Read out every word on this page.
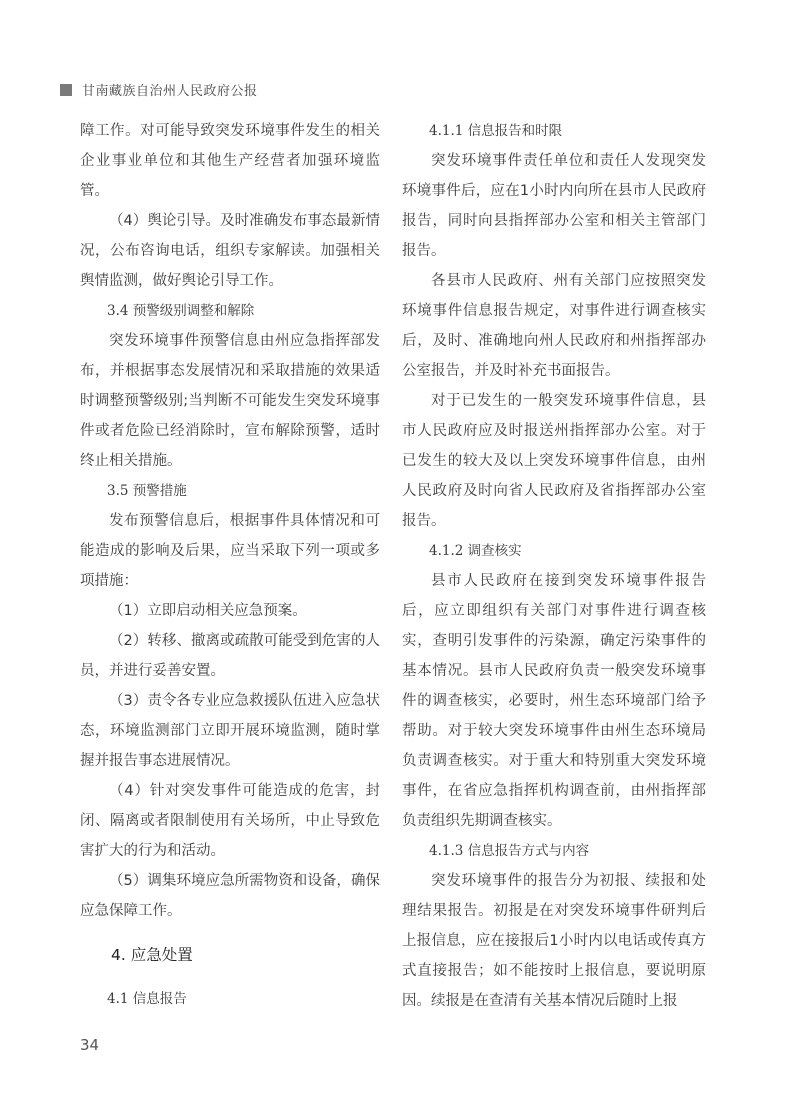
甘南藏族自治州人民政府公报

障工作。对可能导致突发环境事件发生的相关企业事业单位和其他生产经营者加强环境监管。

（4）舆论引导。及时准确发布事态最新情况，公布咨询电话，组织专家解读。加强相关舆情监测，做好舆论引导工作。

3.4 预警级别调整和解除

突发环境事件预警信息由州应急指挥部发布，并根据事态发展情况和采取措施的效果适时调整预警级别;当判断不可能发生突发环境事件或者危险已经消除时，宣布解除预警，适时终止相关措施。

3.5 预警措施

发布预警信息后，根据事件具体情况和可能造成的影响及后果，应当采取下列一项或多项措施：

（1）立即启动相关应急预案。

（2）转移、撤离或疏散可能受到危害的人员，并进行妥善安置。

（3）责令各专业应急救援队伍进入应急状态，环境监测部门立即开展环境监测，随时掌握并报告事态进展情况。

（4）针对突发事件可能造成的危害，封闭、隔离或者限制使用有关场所，中止导致危害扩大的行为和活动。

（5）调集环境应急所需物资和设备，确保应急保障工作。

4. 应急处置

4.1 信息报告

4.1.1 信息报告和时限

突发环境事件责任单位和责任人发现突发环境事件后，应在1小时内向所在县市人民政府报告，同时向县指挥部办公室和相关主管部门报告。

各县市人民政府、州有关部门应按照突发环境事件信息报告规定，对事件进行调查核实后，及时、准确地向州人民政府和州指挥部办公室报告，并及时补充书面报告。

对于已发生的一般突发环境事件信息，县市人民政府应及时报送州指挥部办公室。对于已发生的较大及以上突发环境事件信息，由州人民政府及时向省人民政府及省指挥部办公室报告。

4.1.2 调查核实

县市人民政府在接到突发环境事件报告后，应立即组织有关部门对事件进行调查核实，查明引发事件的污染源，确定污染事件的基本情况。县市人民政府负责一般突发环境事件的调查核实，必要时，州生态环境部门给予帮助。对于较大突发环境事件由州生态环境局负责调查核实。对于重大和特别重大突发环境事件，在省应急指挥机构调查前，由州指挥部负责组织先期调查核实。

4.1.3 信息报告方式与内容

突发环境事件的报告分为初报、续报和处理结果报告。初报是在对突发环境事件研判后上报信息，应在接报后1小时内以电话或传真方式直接报告；如不能按时上报信息，要说明原因。续报是在查清有关基本情况后随时上报

34
